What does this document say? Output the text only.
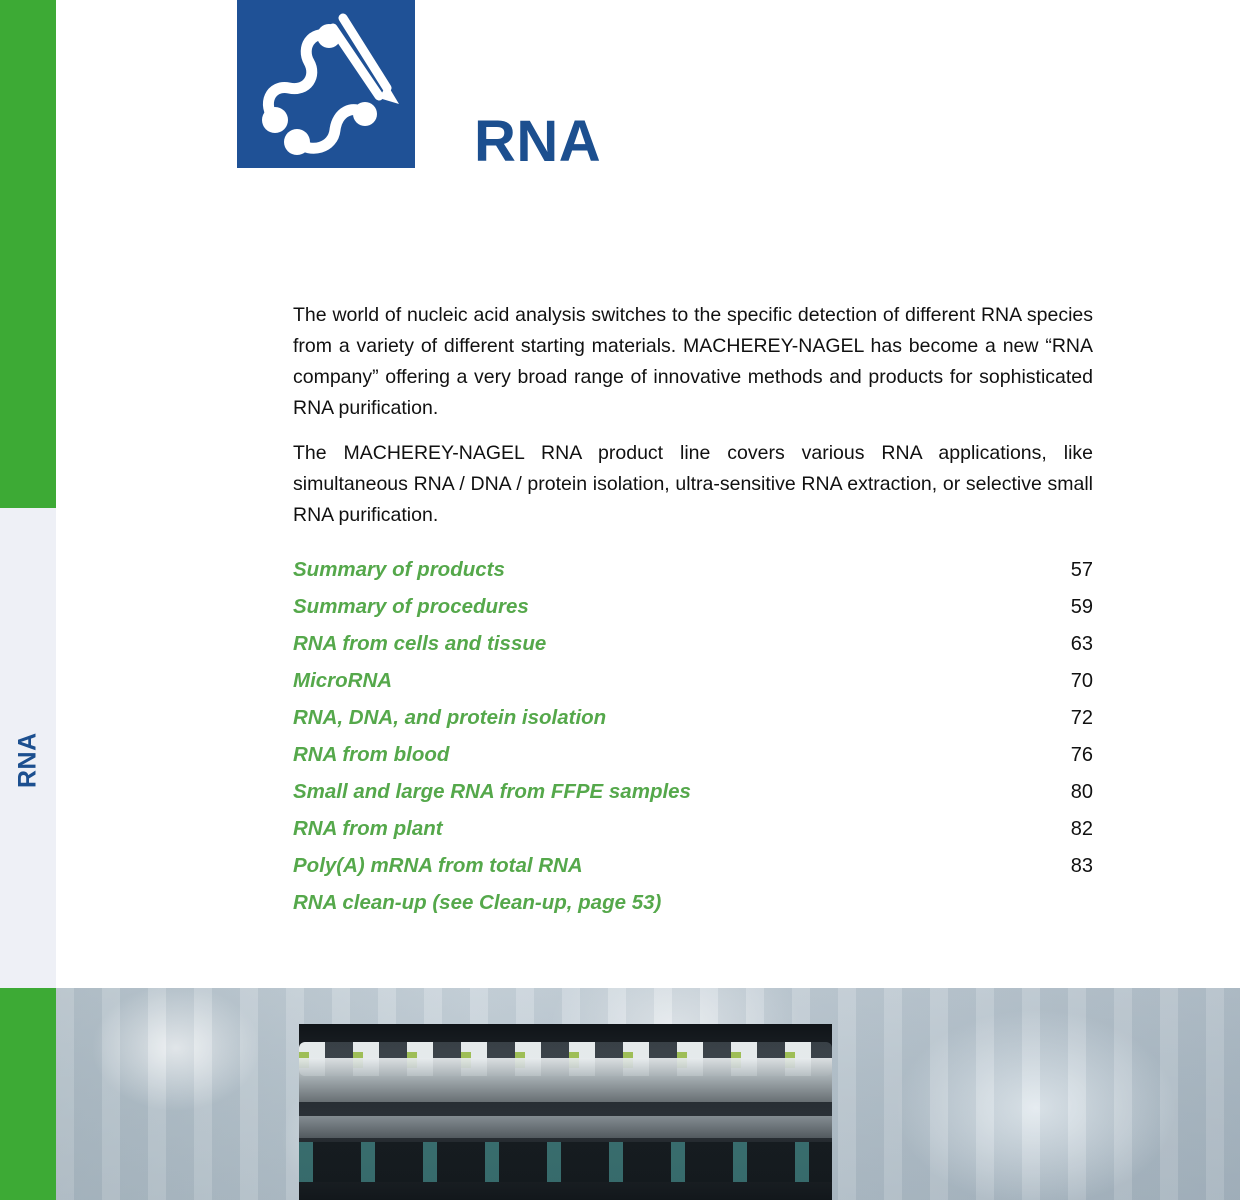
RNA
RNA

The world of nucleic acid analysis switches to the specific detection of different RNA species from a variety of different starting materials. MACHEREY-NAGEL has become a new “RNA company” offering a very broad range of innovative methods and products for sophisticated RNA purification.

The MACHEREY-NAGEL RNA product line covers various RNA applications, like simultaneous RNA / DNA / protein isolation, ultra-sensitive RNA extraction, or selective small RNA purification.

Summary of products	57
Summary of procedures	59
RNA from cells and tissue	63
MicroRNA	70
RNA, DNA, and protein isolation	72
RNA from blood	76
Small and large RNA from FFPE samples	80
RNA from plant	82
Poly(A) mRNA from total RNA	83
RNA clean-up (see Clean-up, page 53)
